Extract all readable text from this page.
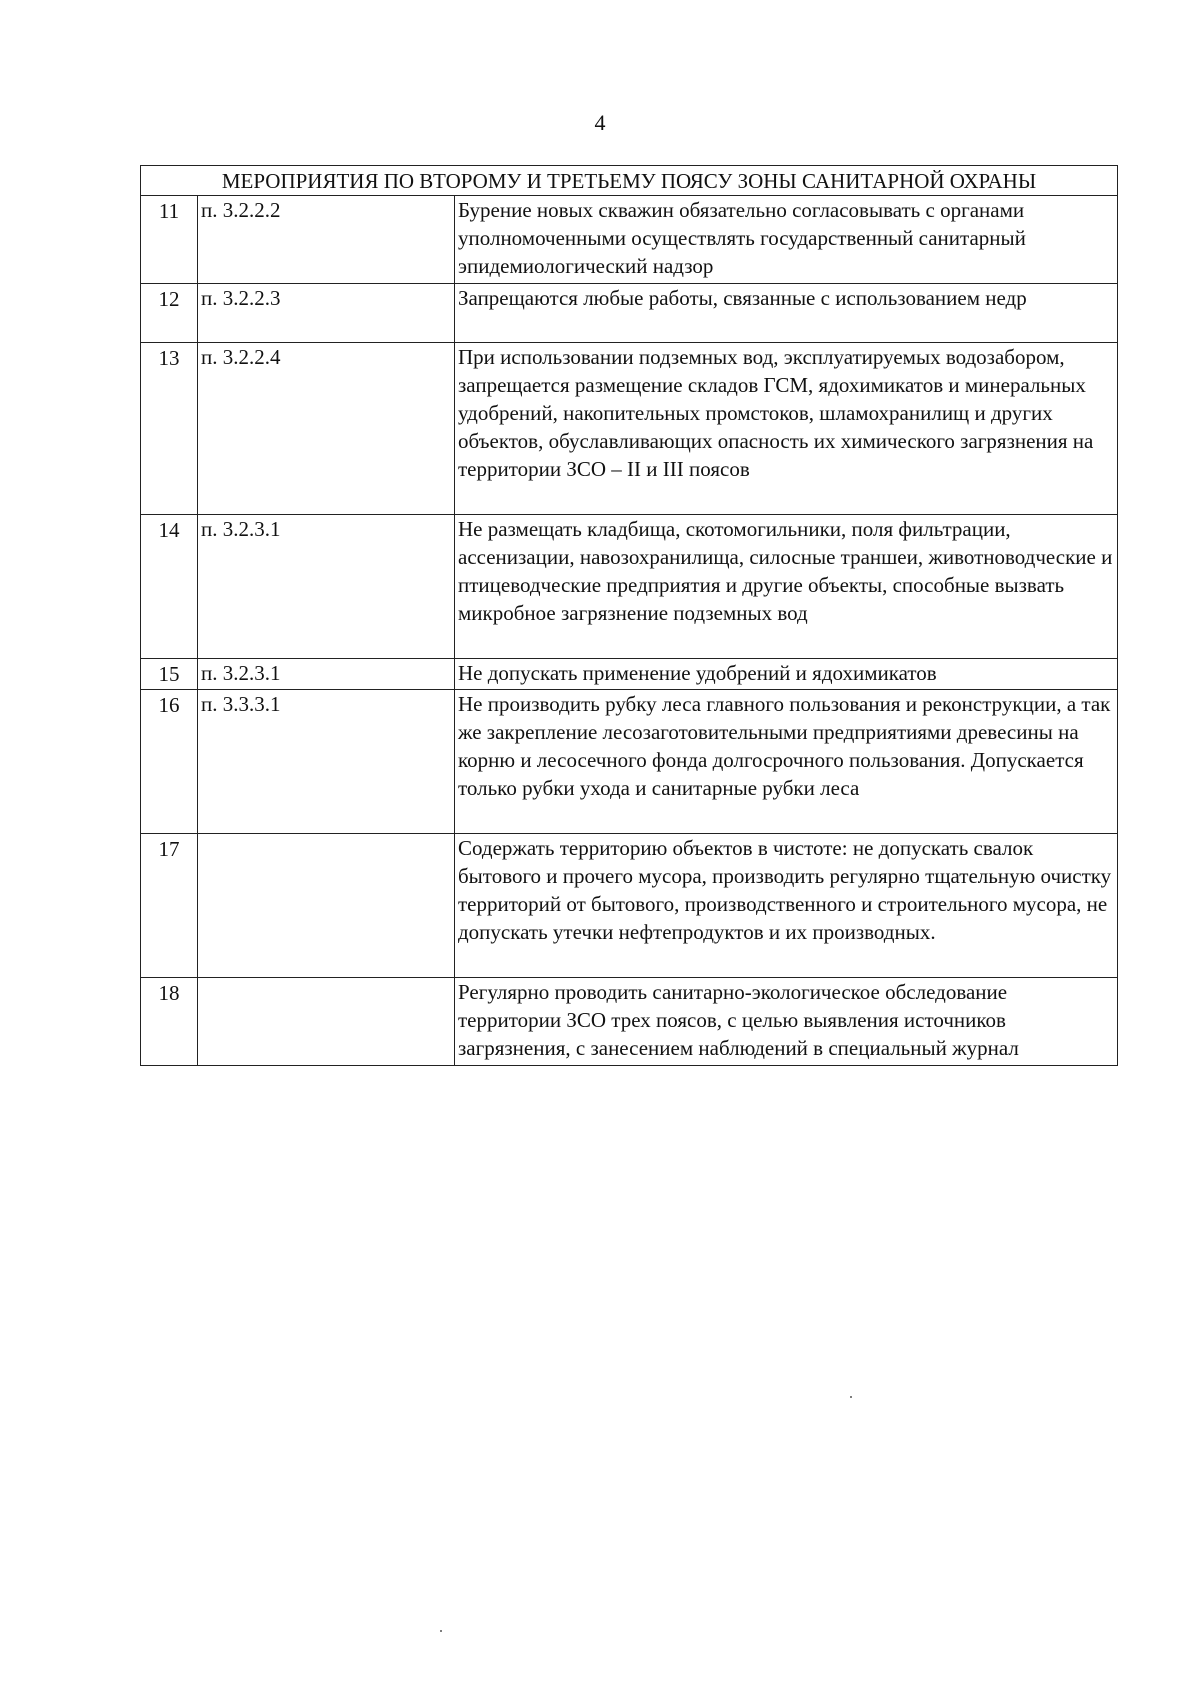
4
МЕРОПРИЯТИЯ ПО ВТОРОМУ И ТРЕТЬЕМУ ПОЯСУ ЗОНЫ САНИТАРНОЙ ОХРАНЫ		
11	п. 3.2.2.2	Бурение новых скважин обязательно согласовывать с органами уполномоченными осуществлять государственный санитарный эпидемиологический надзор
12	п. 3.2.2.3	Запрещаются любые работы, связанные с использованием недр
13	п. 3.2.2.4	При использовании подземных вод, эксплуатируемых водозабором, запрещается размещение складов ГСМ, ядохимикатов и минеральных удобрений, накопительных промстоков, шламохранилищ и других объектов, обуславливающих опасность их химического загрязнения на территории ЗСО – II и III поясов
14	п. 3.2.3.1	Не размещать кладбища, скотомогильники, поля фильтрации, ассенизации, навозохранилища, силосные траншеи, животноводческие и птицеводческие предприятия и другие объекты, способные вызвать микробное загрязнение подземных вод
15	п. 3.2.3.1	Не допускать применение удобрений и ядохимикатов
16	п. 3.3.3.1	Не производить рубку леса главного пользования и реконструкции, а так же закрепление лесозаготовительными предприятиями древесины на корню и лесосечного фонда долгосрочного пользования. Допускается только рубки ухода и санитарные рубки леса
17		Содержать территорию объектов в чистоте: не допускать свалок бытового и прочего мусора, производить регулярно тщательную очистку территорий от бытового, производственного и строительного мусора, не допускать утечки нефтепродуктов и их производных.
18		Регулярно проводить санитарно-экологическое обследование территории ЗСО трех поясов, с целью выявления источников загрязнения, с занесением наблюдений в специальный журнал
